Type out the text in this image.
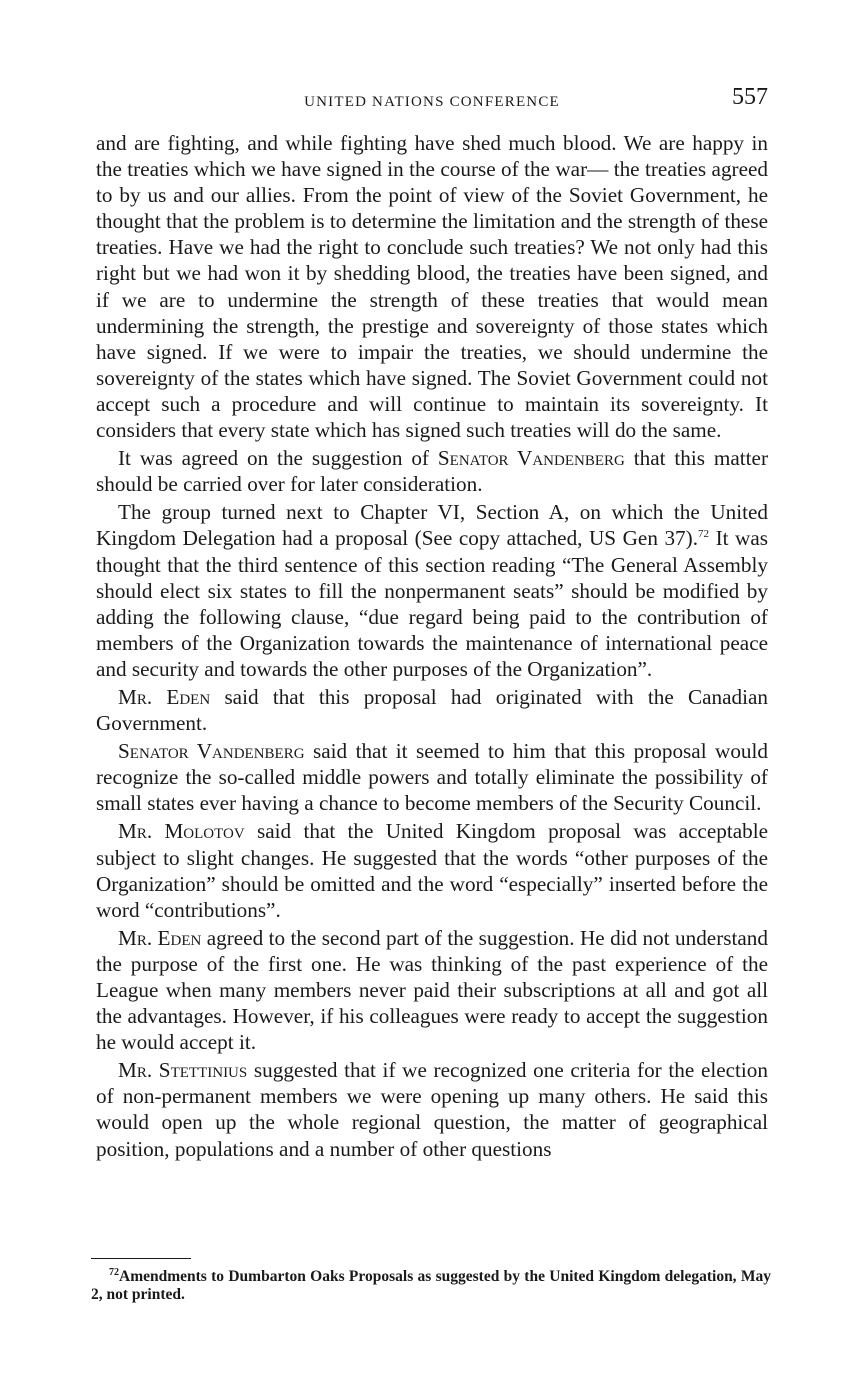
UNITED NATIONS CONFERENCE	557

and are fighting, and while fighting have shed much blood. We are happy in the treaties which we have signed in the course of the war— the treaties agreed to by us and our allies. From the point of view of the Soviet Government, he thought that the problem is to determine the limitation and the strength of these treaties. Have we had the right to conclude such treaties? We not only had this right but we had won it by shedding blood, the treaties have been signed, and if we are to undermine the strength of these treaties that would mean undermining the strength, the prestige and sovereignty of those states which have signed. If we were to impair the treaties, we should undermine the sovereignty of the states which have signed. The Soviet Government could not accept such a procedure and will continue to maintain its sovereignty. It considers that every state which has signed such treaties will do the same.

It was agreed on the suggestion of Senator Vandenberg that this matter should be carried over for later consideration.

The group turned next to Chapter VI, Section A, on which the United Kingdom Delegation had a proposal (See copy attached, US Gen 37).$^{72}$ It was thought that the third sentence of this section reading “The General Assembly should elect six states to fill the nonpermanent seats” should be modified by adding the following clause, “due regard being paid to the contribution of members of the Organization towards the maintenance of international peace and security and towards the other purposes of the Organization”.

Mr. Eden said that this proposal had originated with the Canadian Government.

Senator Vandenberg said that it seemed to him that this proposal would recognize the so-called middle powers and totally eliminate the possibility of small states ever having a chance to become members of the Security Council.

Mr. Molotov said that the United Kingdom proposal was acceptable subject to slight changes. He suggested that the words “other purposes of the Organization” should be omitted and the word “especially” inserted before the word “contributions”.

Mr. Eden agreed to the second part of the suggestion. He did not understand the purpose of the first one. He was thinking of the past experience of the League when many members never paid their subscriptions at all and got all the advantages. However, if his colleagues were ready to accept the suggestion he would accept it.

Mr. Stettinius suggested that if we recognized one criteria for the election of non-permanent members we were opening up many others. He said this would open up the whole regional question, the matter of geographical position, populations and a number of other questions

$^{72}$Amendments to Dumbarton Oaks Proposals as suggested by the United Kingdom delegation, May 2, not printed.
